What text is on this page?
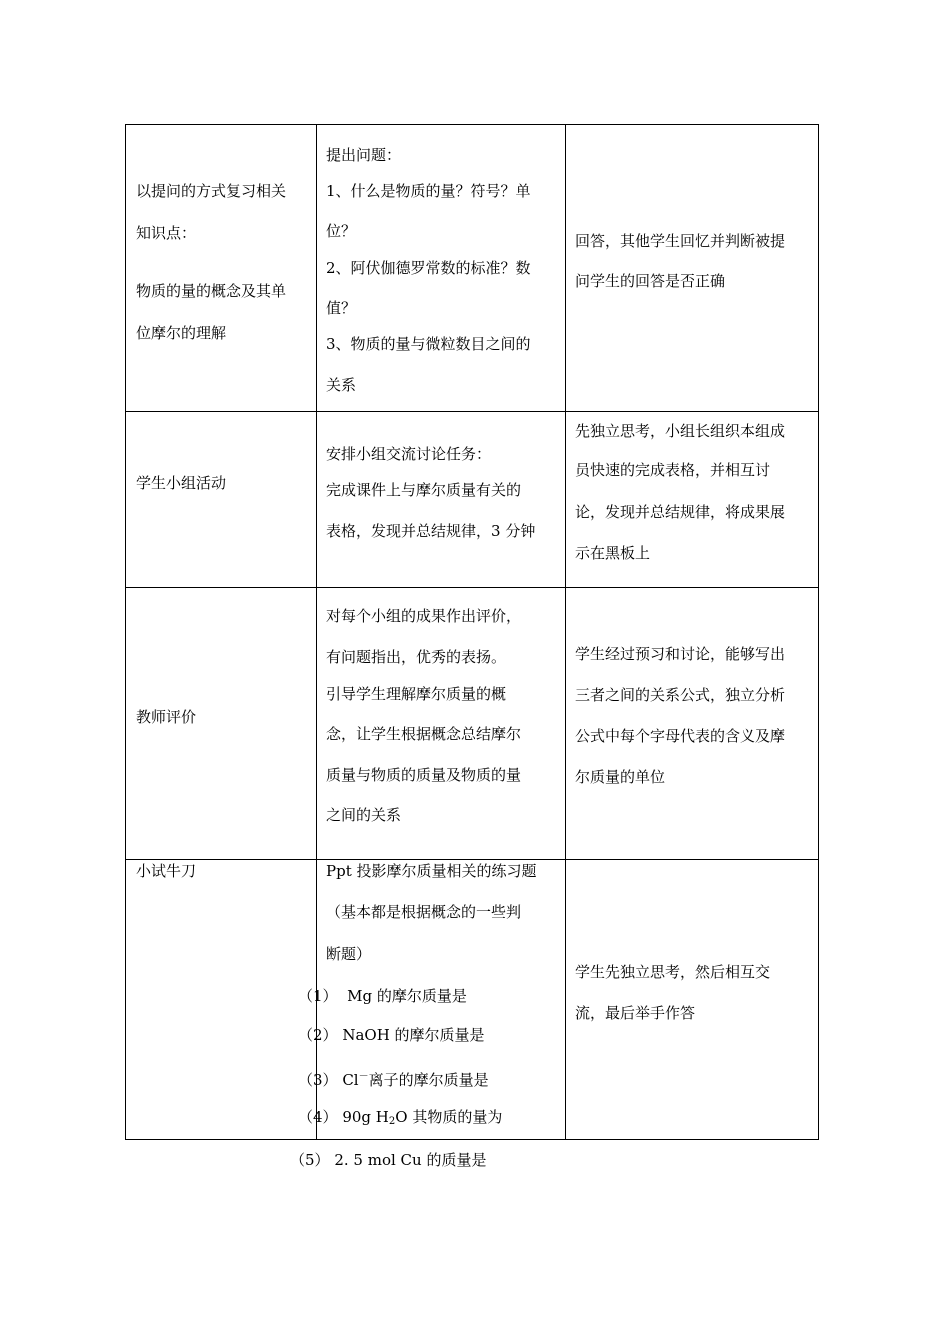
以提问的方式复习相关

知识点：

物质的量的概念及其单

位摩尔的理解

提出问题：

1、什么是物质的量？符号？单

位？

2、阿伏伽德罗常数的标准？数

值？

3、物质的量与微粒数目之间的

关系

回答，其他学生回忆并判断被提

问学生的回答是否正确

学生小组活动

安排小组交流讨论任务：

完成课件上与摩尔质量有关的

表格，发现并总结规律，3 分钟

先独立思考，小组长组织本组成

员快速的完成表格，并相互讨

论，发现并总结规律，将成果展

示在黑板上

教师评价

对每个小组的成果作出评价，

有问题指出，优秀的表扬。

引导学生理解摩尔质量的概

念，让学生根据概念总结摩尔

质量与物质的质量及物质的量

之间的关系

学生经过预习和讨论，能够写出

三者之间的关系公式，独立分析

公式中每个字母代表的含义及摩

尔质量的单位

小试牛刀	Ppt 投影摩尔质量相关的练习题

（基本都是根据概念的一些判

断题）

学生先独立思考，然后相互交

流，最后举手作答

（1） Mg 的摩尔质量是

（2） NaOH 的摩尔质量是

（3） Cl－离子的摩尔质量是

（4） 90g $H_2O$ 其物质的量为

（5） 2. 5 mol Cu 的质量是
